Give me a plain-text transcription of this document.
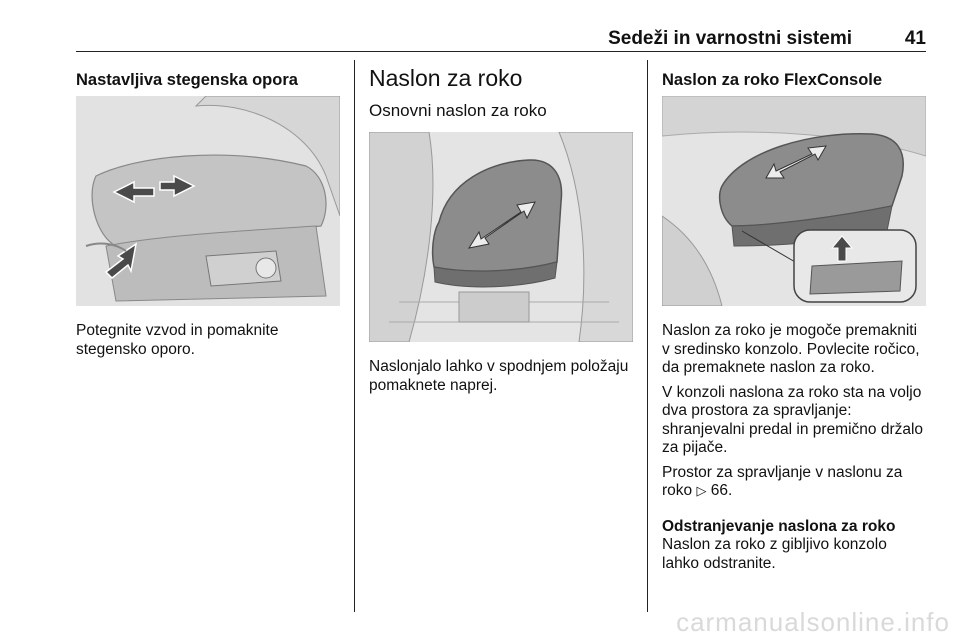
Sedeži in varnostni sistemi	41
Nastavljiva stegenska opora

Potegnite vzvod in pomaknite stegensko oporo.

Naslon za roko
Osnovni naslon za roko

Naslonjalo lahko v spodnjem položaju pomaknete naprej.

Naslon za roko FlexConsole

Naslon za roko je mogoče premakniti v sredinsko konzolo. Povlecite ročico, da premaknete naslon za roko.

V konzoli naslona za roko sta na voljo dva prostora za spravljanje: shranjevalni predal in premično držalo za pijače.

Prostor za spravljanje v naslonu za roko ▷ 66.

Odstranjevanje naslona za roko

Naslon za roko z gibljivo konzolo lahko odstranite.

carmanualsonline.info
